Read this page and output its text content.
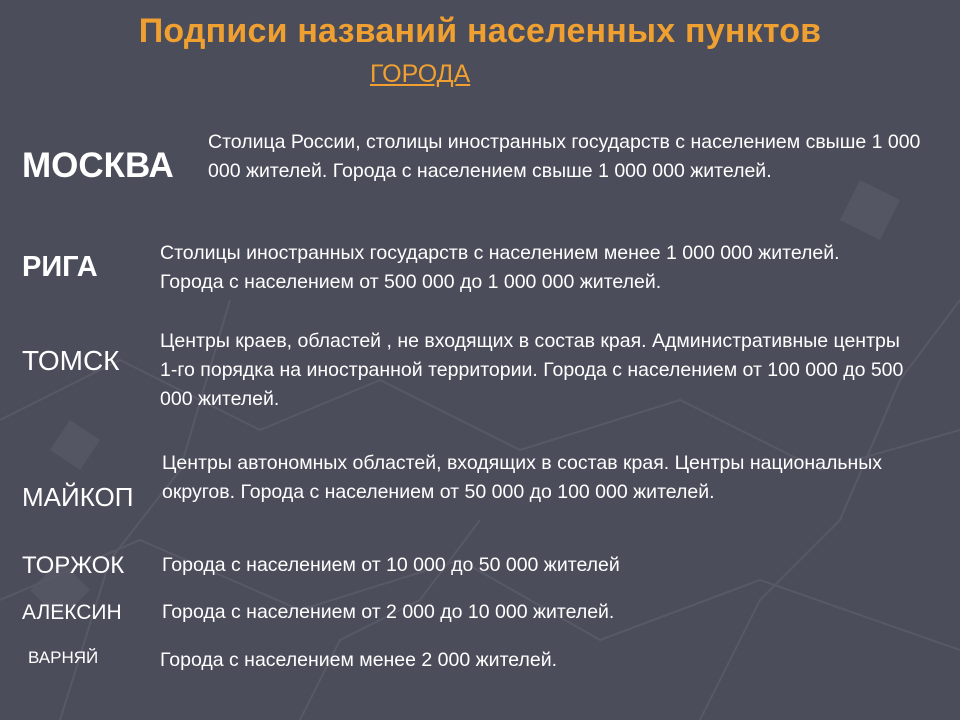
Подписи названий населенных пунктов
ГОРОДА
МОСКВА
Столица России, столицы иностранных государств с населением свыше 1 000 000 жителей. Города с населением свыше 1 000 000 жителей.
РИГА	Столицы иностранных государств с населением менее 1 000 000 жителей. Города с населением от 500 000 до 1 000 000 жителей.
ТОМСК
Центры краев, областей , не входящих в состав края. Административные центры 1-го порядка на иностранной территории. Города с населением от 100 000 до 500 000 жителей.
МАЙКОП
Центры автономных областей, входящих в состав края. Центры национальных округов. Города с населением от 50 000 до 100 000 жителей.
ТОРЖОК Города с населением от 10 000 до 50 000 жителей
АЛЕКСИН Города с населением от 2 000 до 10 000 жителей.
ВАРНЯЙ	Города с населением менее 2 000 жителей.
